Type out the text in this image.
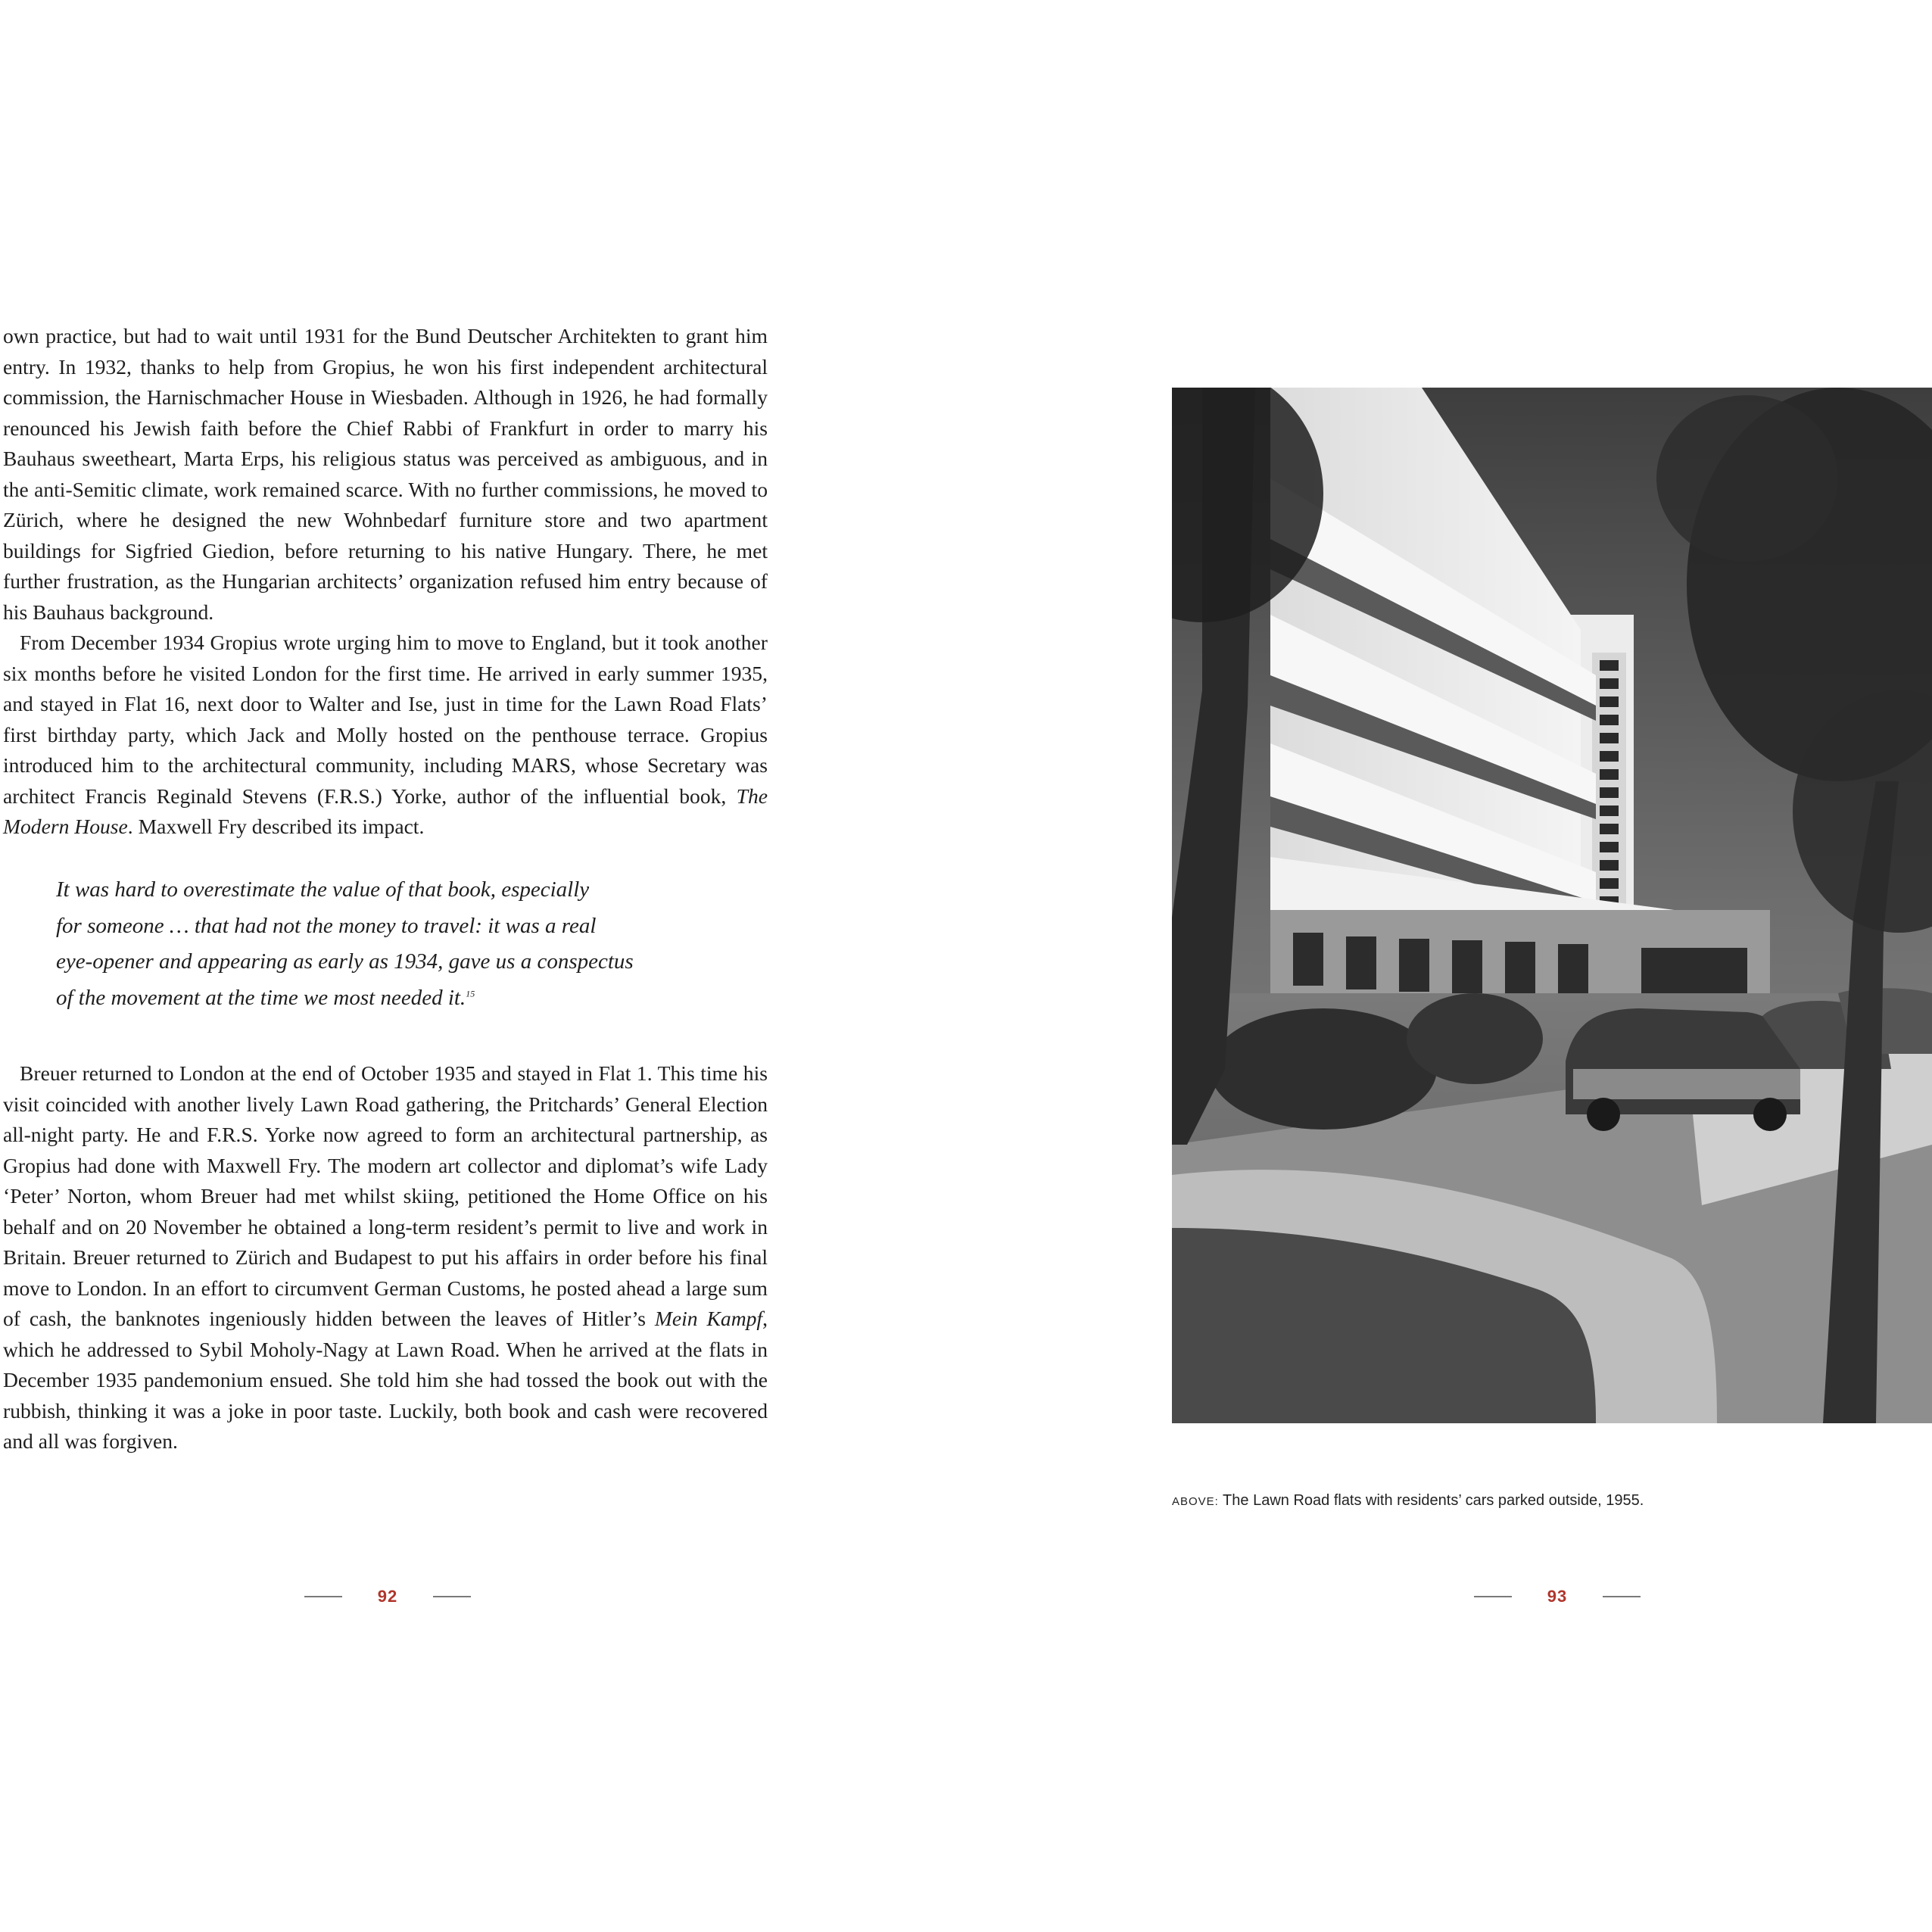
own practice, but had to wait until 1931 for the Bund Deutscher Architekten to grant him entry. In 1932, thanks to help from Gropius, he won his first independent architectural commission, the Harnischmacher House in Wiesbaden. Although in 1926, he had formally renounced his Jewish faith before the Chief Rabbi of Frankfurt in order to marry his Bauhaus sweetheart, Marta Erps, his religious status was perceived as ambiguous, and in the anti-Semitic climate, work remained scarce. With no further commissions, he moved to Zürich, where he designed the new Wohnbedarf furniture store and two apartment buildings for Sigfried Giedion, before returning to his native Hungary. There, he met further frustration, as the Hungarian architects’ organization refused him entry because of his Bauhaus background.

From December 1934 Gropius wrote urging him to move to England, but it took another six months before he visited London for the first time. He arrived in early summer 1935, and stayed in Flat 16, next door to Walter and Ise, just in time for the Lawn Road Flats’ first birthday party, which Jack and Molly hosted on the penthouse terrace. Gropius introduced him to the architectural community, including MARS, whose Secretary was architect Francis Reginald Stevens (F.R.S.) Yorke, author of the influential book, The Modern House. Maxwell Fry described its impact.

It was hard to overestimate the value of that book, especially
for someone … that had not the money to travel: it was a real
eye-opener and appearing as early as 1934, gave us a conspectus
of the movement at the time we most needed it.$^{15}$

Breuer returned to London at the end of October 1935 and stayed in Flat 1. This time his visit coincided with another lively Lawn Road gathering, the Pritchards’ General Election all-night party. He and F.R.S. Yorke now agreed to form an architectural partnership, as Gropius had done with Maxwell Fry. The modern art collector and diplomat’s wife Lady ‘Peter’ Norton, whom Breuer had met whilst skiing, petitioned the Home Office on his behalf and on 20 November he obtained a long-term resident’s permit to live and work in Britain. Breuer returned to Zürich and Budapest to put his affairs in order before his final move to London. In an effort to circumvent German Customs, he posted ahead a large sum of cash, the banknotes ingeniously hidden between the leaves of Hitler’s Mein Kampf, which he addressed to Sybil Moholy-Nagy at Lawn Road. When he arrived at the flats in December 1935 pandemonium ensued. She told him she had tossed the book out with the rubbish, thinking it was a joke in poor taste. Luckily, both book and cash were recovered and all was forgiven.

92
ABOVE: The Lawn Road flats with residents’ cars parked outside, 1955.
93
